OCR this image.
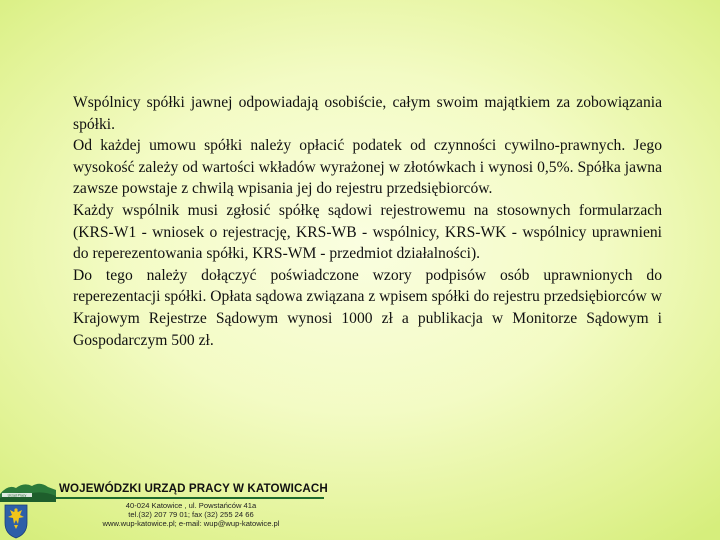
Wspólnicy spółki jawnej odpowiadają osobiście, całym swoim majątkiem za zobowiązania spółki.

Od każdej umowu spółki należy opłacić podatek od czynności cywilno-prawnych. Jego wysokość zależy od wartości wkładów wyrażonej w złotówkach i wynosi 0,5%. Spółka jawna zawsze powstaje z chwilą wpisania jej do rejestru przedsiębiorców.

Każdy wspólnik musi zgłosić spółkę sądowi rejestrowemu na stosownych formularzach (KRS-W1 - wniosek o rejestrację, KRS-WB - wspólnicy, KRS-WK - wspólnicy uprawnieni do reperezentowania spółki, KRS-WM - przedmiot działalności).

Do tego należy dołączyć poświadczone wzory podpisów osób uprawnionych do reperezentacji spółki. Opłata sądowa związana z wpisem spółki do rejestru przedsiębiorców w Krajowym Rejestrze Sądowym wynosi 1000 zł a publikacja w Monitorze Sądowym i Gospodarczym 500 zł.

Urząd Pracy
WOJEWÓDZKI URZĄD PRACY W KATOWICACH
40-024 Katowice , ul. Powstańców 41a
tel.(32) 207 79 01; fax (32) 255 24 66
www.wup-katowice.pl; e-mail: wup@wup-katowice.pl
